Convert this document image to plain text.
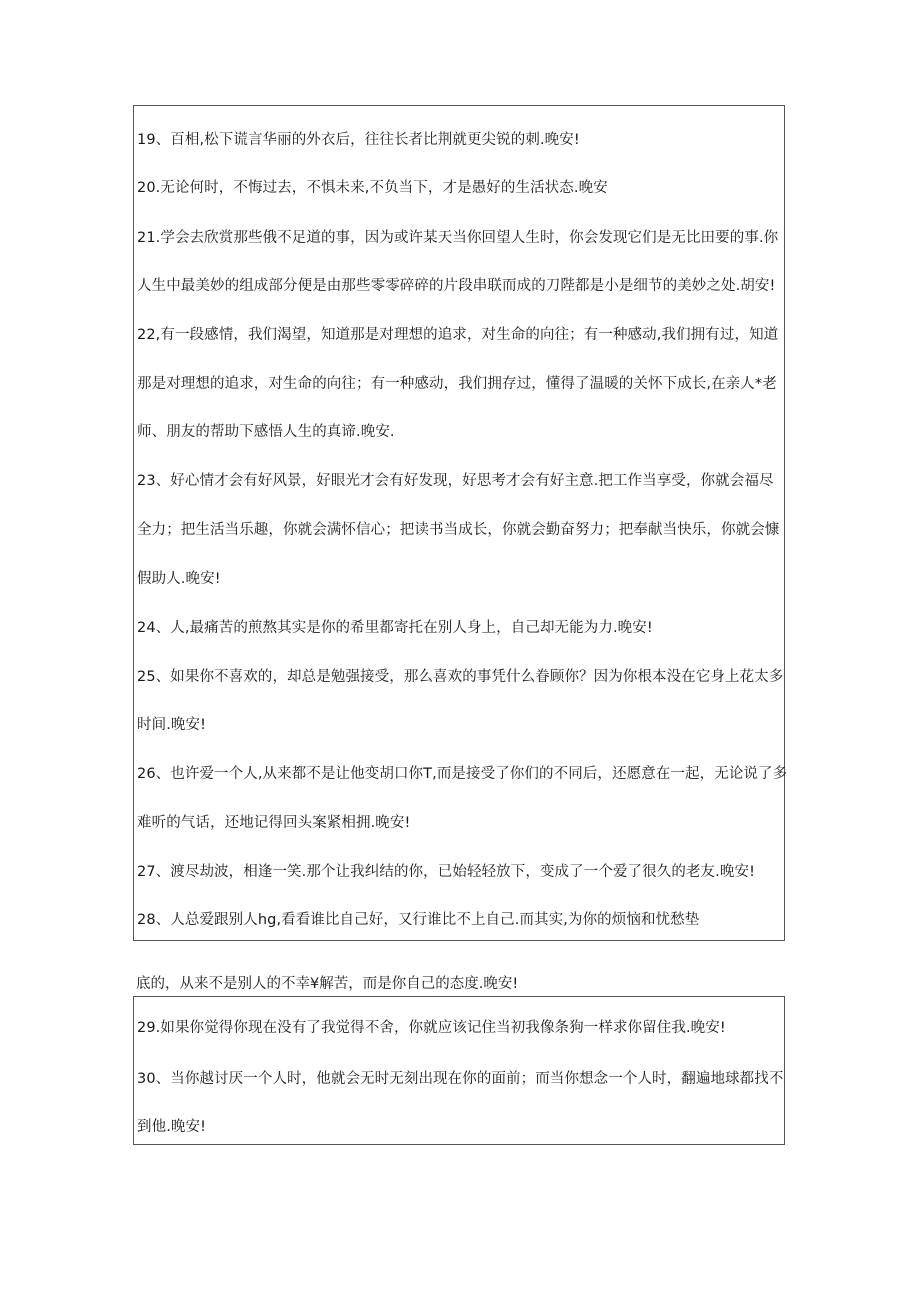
19、百相,松下谎言华丽的外衣后，往往长者比荆就更尖锐的刺.晚安!
20.无论何时，不悔过去，不惧未来,不负当下，才是愚好的生活状态.晚安
21.学会去欣赏那些俄不足道的事，因为或许某天当你回望人生时，你会发现它们是无比田要的事.你
人生中最美妙的组成部分便是由那些零零碎碎的片段串联而成的刀陛都是小是细节的美妙之处.胡安!
22,有一段感情，我们渴望，知道那是对理想的追求，对生命的向往；有一种感动,我们拥有过，知道
那是对理想的追求，对生命的向往；有一种感动，我们拥存过，懂得了温暖的关怀下成长,在亲人*老
师、朋友的帮助下感悟人生的真谛.晚安.
23、好心情才会有好风景，好眼光才会有好发现，好思考才会有好主意.把工作当享受，你就会福尽
全力；把生活当乐趣，你就会满怀信心；把读书当成长，你就会勤奋努力；把奉献当快乐，你就会慷
假助人.晚安!
24、人,最痛苦的煎熬其实是你的希里都寄托在别人身上，自己却无能为力.晚安!
25、如果你不喜欢的，却总是勉强接受，那么喜欢的事凭什么眷顾你？因为你根本没在它身上花太多
时间.晚安!
26、也许爱一个人,从来都不是让他变胡口你T,而是接受了你们的不同后，还愿意在一起，无论说了多
难听的气话，还地记得回头案紧相拥.晚安!
27、渡尽劫波，相逢一笑.那个让我纠结的你，已始轻轻放下，变成了一个爱了很久的老友.晚安!
28、人总爱跟别人hg,看看谁比自己好，又行谁比不上自己.而其实,为你的烦恼和忧愁垫
底的，从来不是别人的不幸¥解苦，而是你自己的态度.晚安!
29.如果你觉得你现在没有了我觉得不舍，你就应该记住当初我像条狗一样求你留住我.晚安!
30、当你越讨厌一个人时，他就会无时无刻出现在你的面前；而当你想念一个人时，翻遍地球都找不
到他.晚安!
